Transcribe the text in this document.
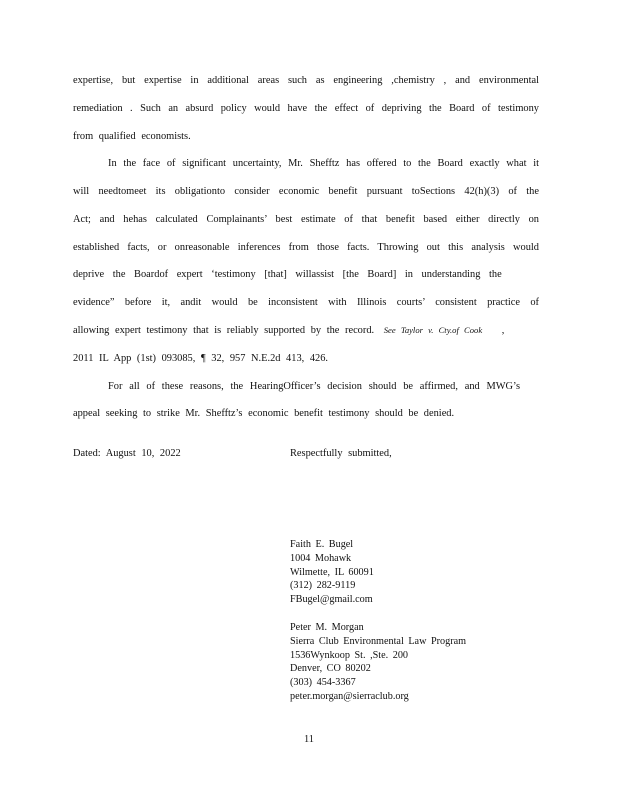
expertise, but expertise in additional areas such as engineering ,chemistry , and environmental
remediation . Such an absurd policy would have the effect of depriving the Board of testimony
from qualified economists.
In the face of significant uncertainty, Mr. Shefftz has offered to the Board exactly what it
will needtomeet its obligationto consider economic benefit pursuant toSections 42(h)(3) of the
Act; and hehas calculated Complainants’ best estimate of that benefit based either directly on
established facts, or onreasonable inferences from those facts. Throwing out this analysis would
deprive the Boardof expert ‘testimony [that] willassist [the Board] in understanding the
evidence” before it, andit would be inconsistent with Illinois courts’ consistent practice of
allowing expert testimony that is reliably supported by the record. See Taylor v. Cty.of Cook ,
2011 IL App (1st) 093085, ¶ 32, 957 N.E.2d 413, 426.
For all of these reasons, the HearingOfficer’s decision should be affirmed, and MWG’s
appeal seeking to strike Mr. Shefftz’s economic benefit testimony should be denied.
Dated: August 10, 2022	Respectfully submitted,
Faith E. Bugel
1004 Mohawk
Wilmette, IL 60091
(312) 282-9119
FBugel@gmail.com
Peter M. Morgan
Sierra Club Environmental Law Program
1536Wynkoop St. ,Ste. 200
Denver, CO 80202
(303) 454-3367
peter.morgan@sierraclub.org
11
